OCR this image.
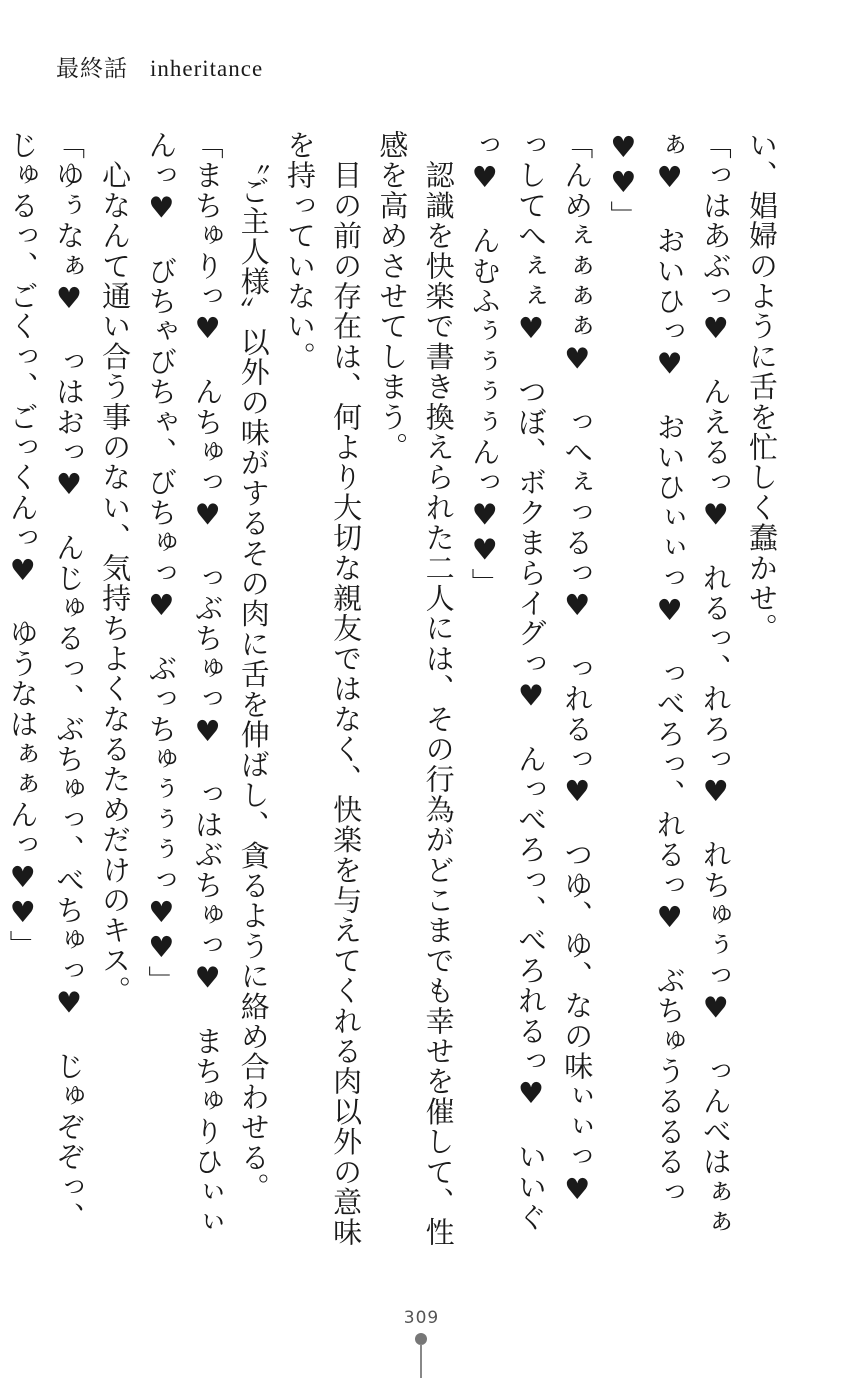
最終話 inheritance

い、娼婦のように舌を忙しく蠢かせ。

「っはあぶっ♥　んえるっ♥　れるっ、れろっ♥　れちゅぅっ♥　っんべはぁぁぁ♥　おいひっ♥　おいひぃぃっ♥　っべろっ、れるっ♥　ぶちゅうるるるっ♥♥」

「んめぇぁぁぁ♥　っへぇっるっ♥　っれるっ♥　つゆ、ゆ、なの味ぃぃっ♥　っしてへぇぇ♥　つぼ、ボクまらイグっ♥　んっべろっ、べろれるっ♥　いいぐっ♥　んむふぅぅぅぅんっ♥♥」

　認識を快楽で書き換えられた二人には、その行為がどこまでも幸せを催して、性感を高めさせてしまう。

　目の前の存在は、何より大切な親友ではなく、快楽を与えてくれる肉以外の意味を持っていない。

　〝ご主人様〟以外の味がするその肉に舌を伸ばし、貪るように絡め合わせる。

「まちゅりっ♥　んちゅっ♥　っぶちゅっ♥　っはぶちゅっ♥　まちゅりひぃぃんっ♥　びちゃびちゃ、びちゅっ♥　ぶっちゅぅぅぅっ♥♥」

　心なんて通い合う事のない、気持ちよくなるためだけのキス。

「ゆぅなぁ♥　っはおっ♥　んじゅるっ、ぶちゅっ、べちゅっ♥　じゅぞぞっ、じゅるっ、ごくっ、ごっくんっ♥　ゆうなはぁぁんっ♥♥」

309
